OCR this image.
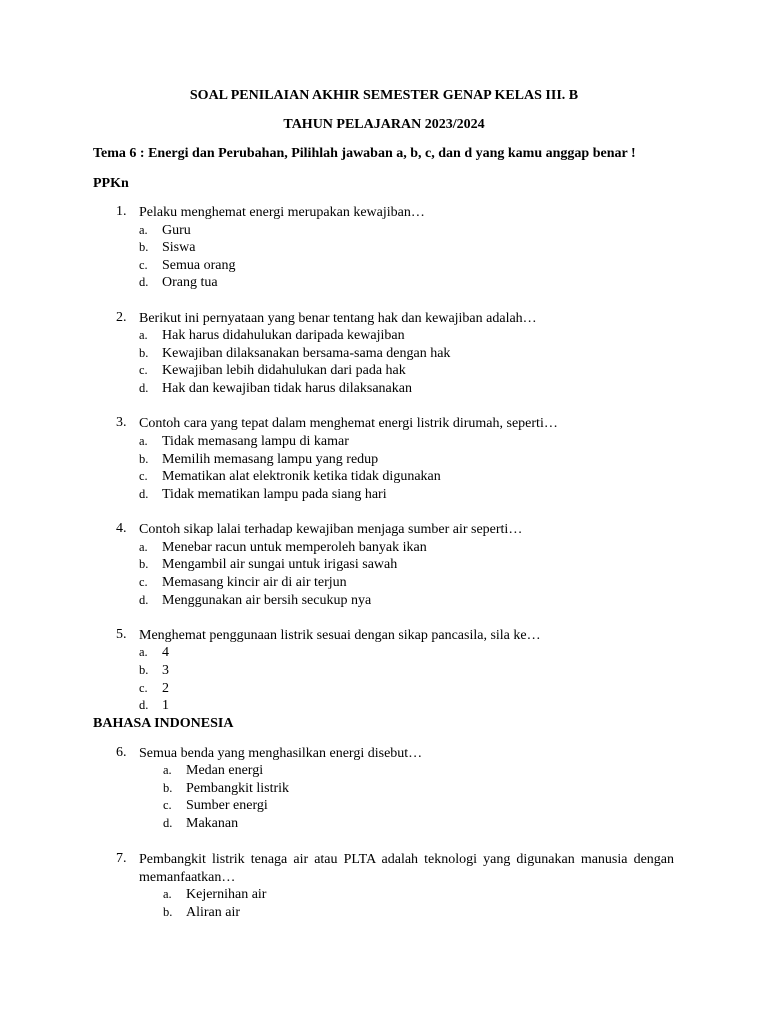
SOAL PENILAIAN AKHIR SEMESTER GENAP KELAS III. B
TAHUN PELAJARAN 2023/2024
Tema 6 : Energi dan Perubahan, Pilihlah jawaban a, b, c, dan d yang kamu anggap benar !
PPKn
1. Pelaku menghemat energi merupakan kewajiban…
a. Guru
b. Siswa
c. Semua orang
d. Orang tua
2. Berikut ini pernyataan yang benar tentang hak dan kewajiban adalah…
a. Hak harus didahulukan daripada kewajiban
b. Kewajiban dilaksanakan bersama-sama dengan hak
c. Kewajiban lebih didahulukan dari pada hak
d. Hak dan kewajiban tidak harus dilaksanakan
3. Contoh cara yang tepat dalam menghemat energi listrik dirumah, seperti…
a. Tidak memasang lampu di kamar
b. Memilih memasang lampu yang redup
c. Mematikan alat elektronik ketika tidak digunakan
d. Tidak mematikan lampu pada siang hari
4. Contoh sikap lalai terhadap kewajiban menjaga sumber air seperti…
a. Menebar racun untuk memperoleh banyak ikan
b. Mengambil air sungai untuk irigasi sawah
c. Memasang kincir air di air terjun
d. Menggunakan air bersih secukup nya
5. Menghemat penggunaan listrik sesuai dengan sikap pancasila, sila ke…
a. 4
b. 3
c. 2
d. 1
BAHASA INDONESIA
6. Semua benda yang menghasilkan energi disebut…
a. Medan energi
b. Pembangkit listrik
c. Sumber energi
d. Makanan
7. Pembangkit listrik tenaga air atau PLTA adalah teknologi yang digunakan manusia dengan memanfaatkan…
a. Kejernihan air
b. Aliran air
